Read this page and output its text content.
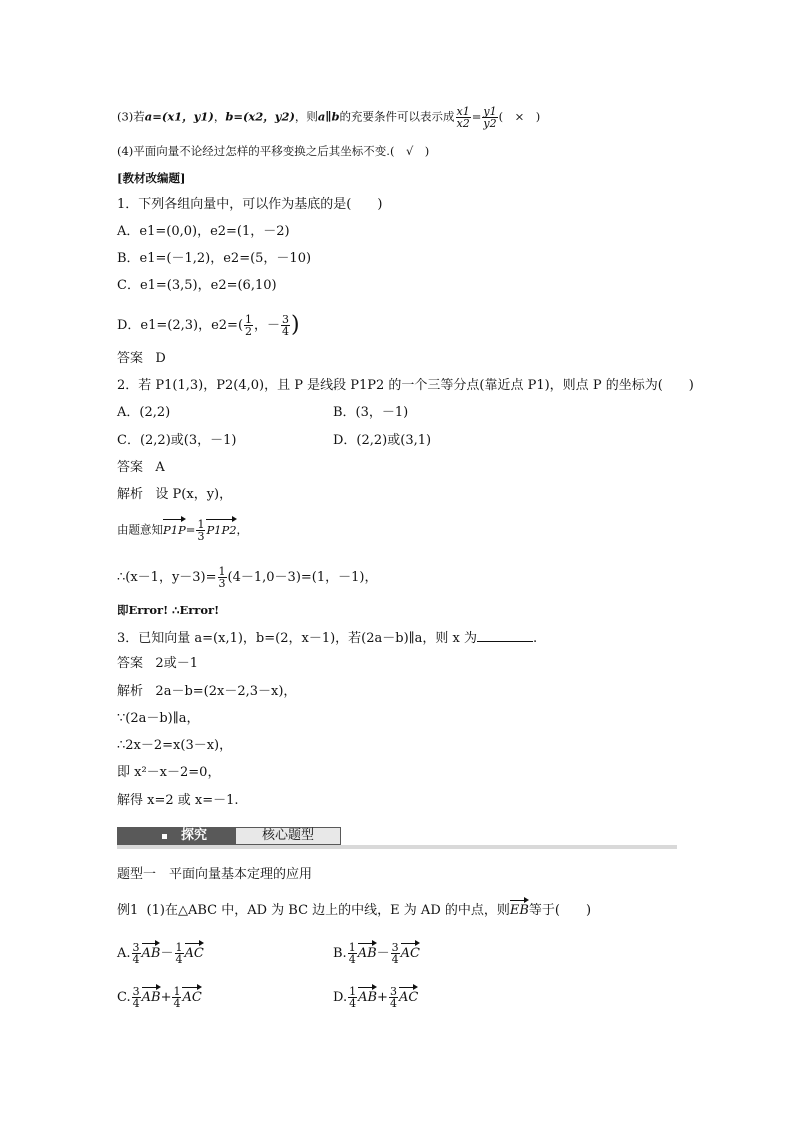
(3)若a=(x1，y1)，b=(x2，y2)，则a∥b的充要条件可以表示成 $\frac{x1}{x2} = \frac{y1}{y2}$ (　×　)
(4)平面向量不论经过怎样的平移变换之后其坐标不变.(　√　)
[教材改编题]
1．下列各组向量中，可以作为基底的是(　　)
A．e1=(0,0)，e2=(1，－2)
B．e1=(－1,2)，e2=(5，－10)
C．e1=(3,5)，e2=(6,10)
D．e1=(2,3)，$e2=( \frac{1}{2}$ ，－ $\frac{3}{4}$ )
答案 D
2．若 P1(1,3)，P2(4,0)，且 P 是线段 P1P2 的一个三等分点(靠近点 P1)，则点 P 的坐标为(　　)
A．(2,2)	B．(3，－1)
C．(2,2)或(3，－1)	D．(2,2)或(3,1)
答案 A
解析 设 P(x，y)，
由题意知$P1P= \frac{1}{3} P1P2$，
∴(x－1，$y-3)= \frac{1}{3} (4-1,0-3)=(1$，－1)，
即Error! ∴Error!
3．已知向量 a=(x,1)，b=(2，x－1)，若(2a－b)∥a，则 x 为	.
答案 2或－1
解析 2a－b=(2x－2,3－x)，
∵(2a－b)∥a，
∴2x－2=x(3－x)，
即 x²－x－2=0，
解得 x=2 或 x=－1.
探究	核心题型
题型一　平面向量基本定理的应用
例1 (1)在△ABC 中，AD 为 BC 边上的中线，E 为 AD 的中点，则EB等于(　　)
A. $\frac{3}{4} AB- \frac{1}{4}$ AC	B. $\frac{1}{4} AB- \frac{3}{4}$ AC
C. $\frac{3}{4} AB+ \frac{1}{4}$ AC	D. $\frac{1}{4} AB+ \frac{3}{4}$ AC
